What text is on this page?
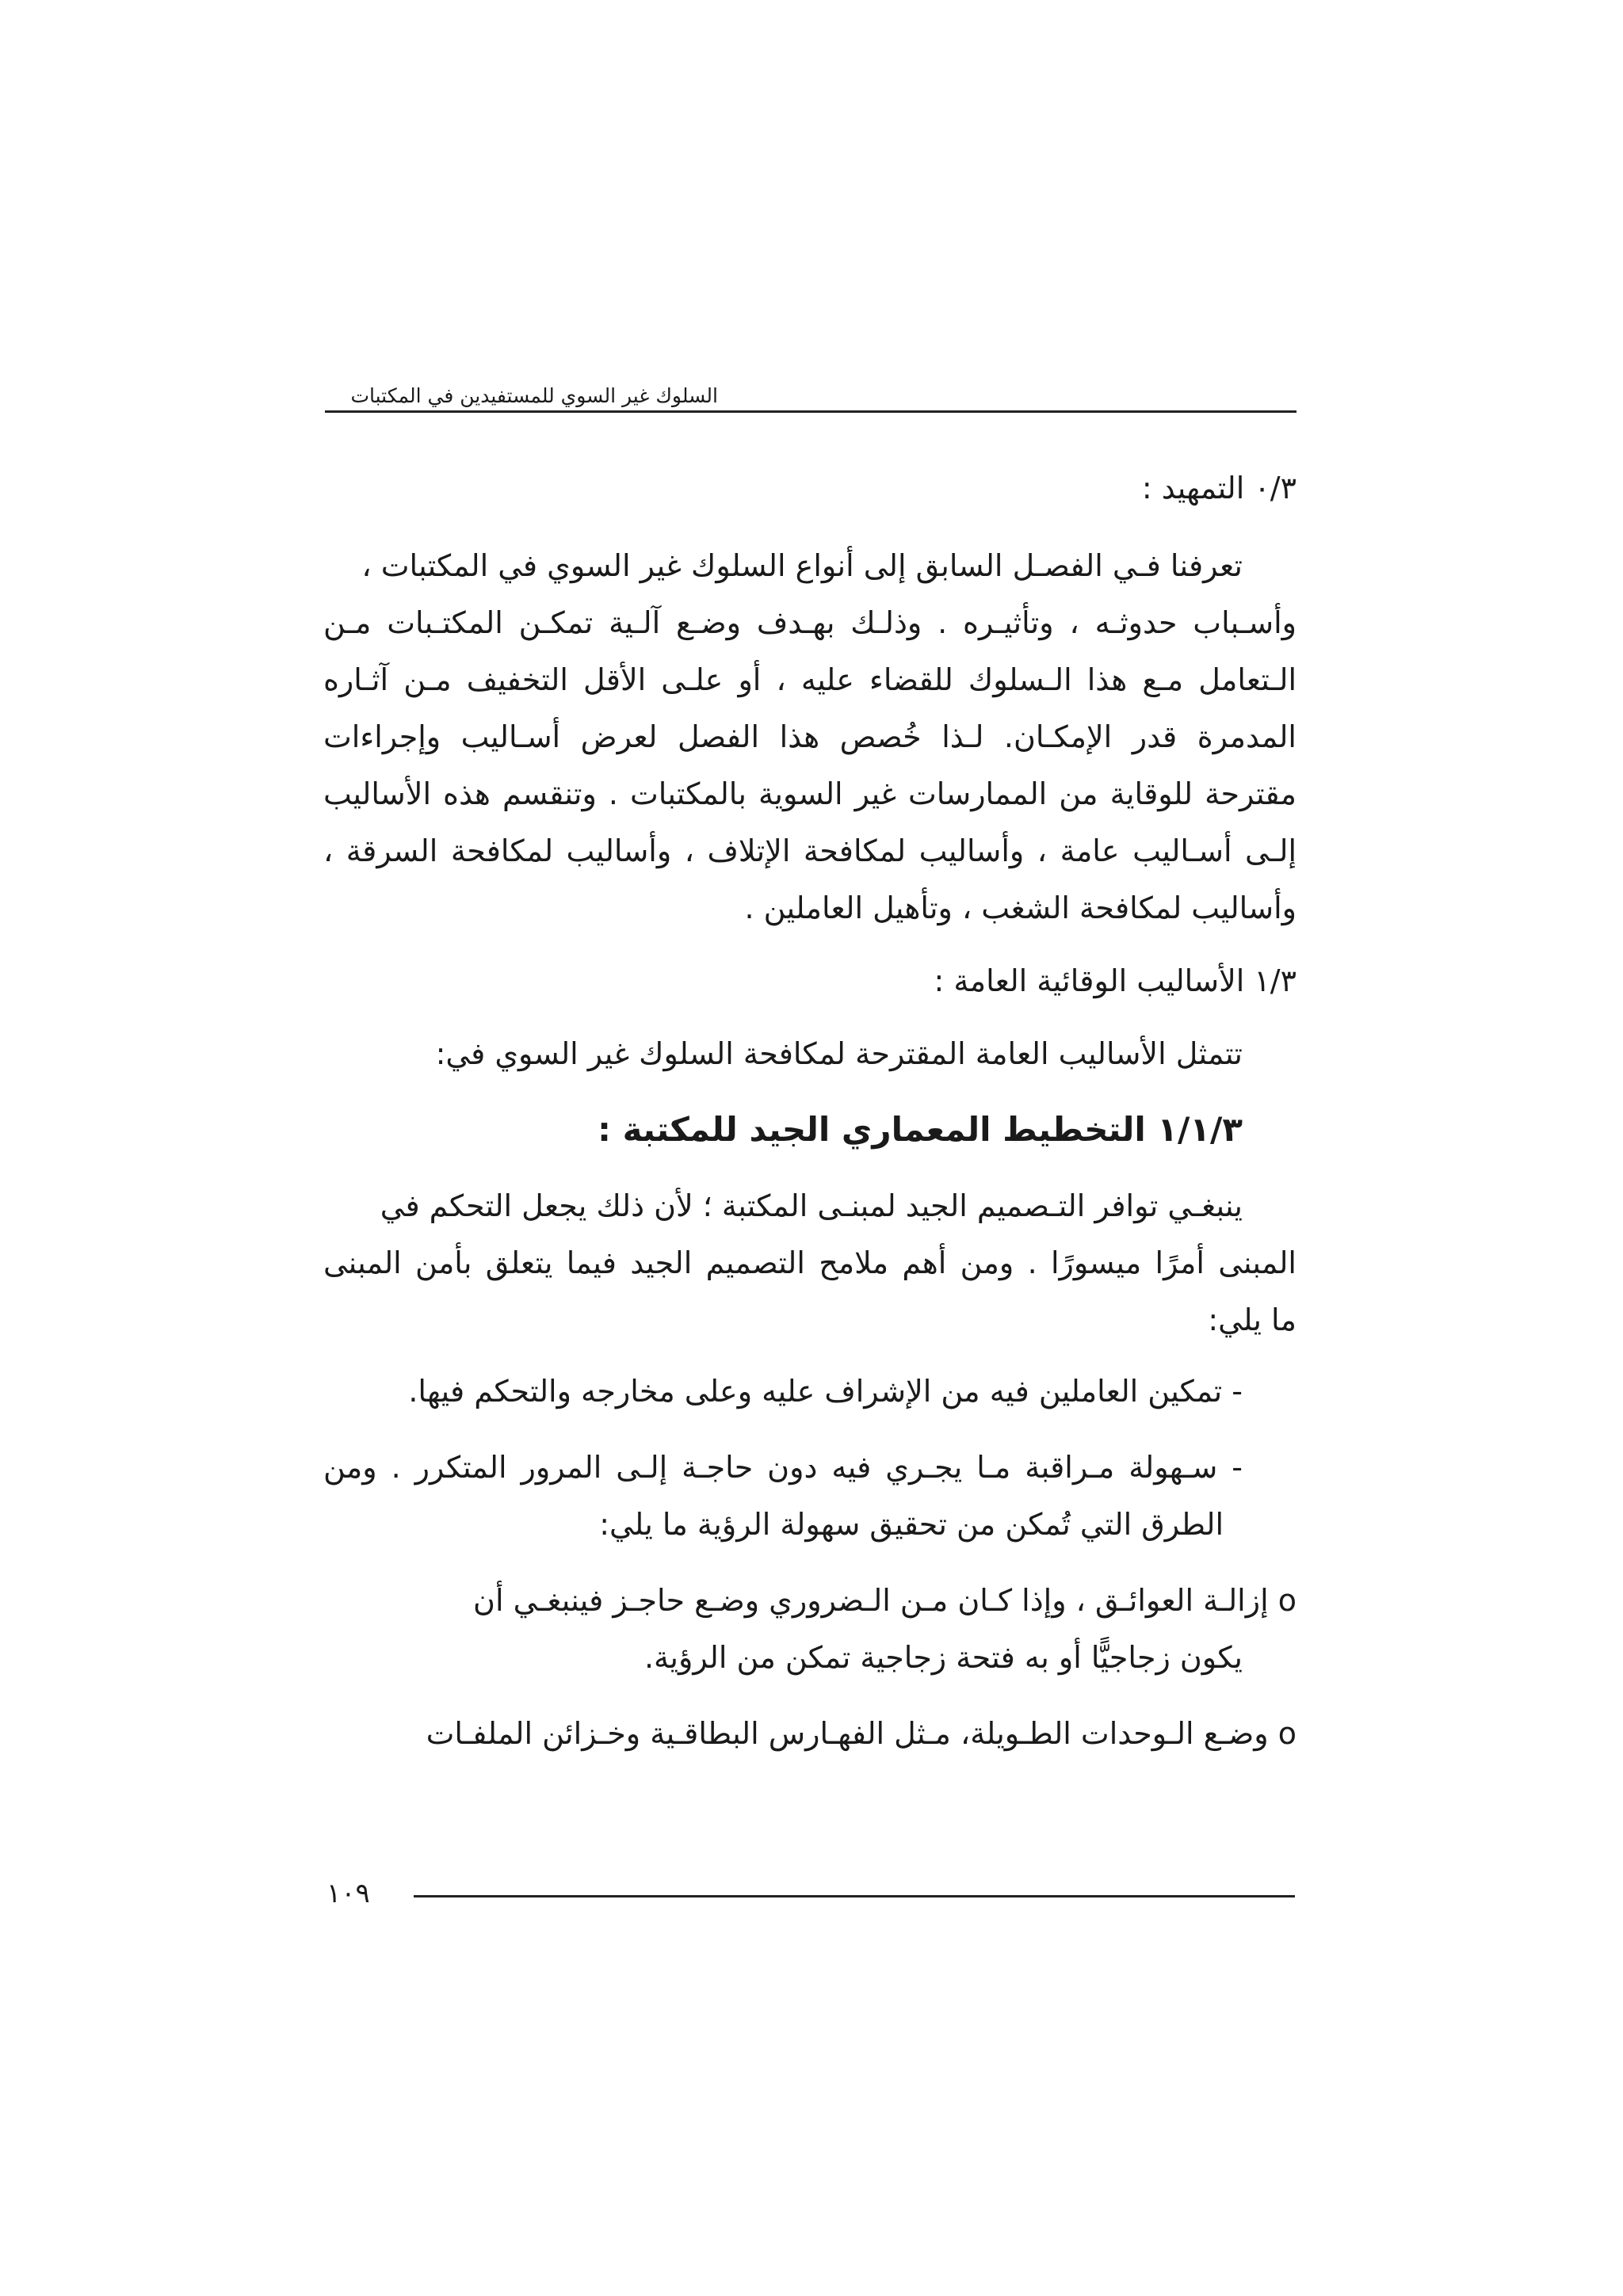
السلوك غير السوي للمستفيدين في المكتبات
۰/۳ التمهيد :
تعرفنا فـي الفصـل السابق إلى أنواع السلوك غير السوي في المكتبات ،
وأسـباب حدوثـه ، وتأثيـره . وذلـك بهـدف وضـع آلـية تمكـن المكتـبات مـن
الـتعامل مـع هذا الـسلوك للقضاء عليه ، أو علـى الأقل التخفيف مـن آثـاره
المدمرة قدر الإمكـان. لـذا خُصص هذا الفصل لعرض أسـاليب وإجراءات
مقترحة للوقاية من الممارسات غير السوية بالمكتبات . وتنقسم هذه الأساليب
إلـى أسـاليب عامة ، وأساليب لمكافحة الإتلاف ، وأساليب لمكافحة السرقة ،
وأساليب لمكافحة الشغب ، وتأهيل العاملين .
۱/۳ الأساليب الوقائية العامة :
تتمثل الأساليب العامة المقترحة لمكافحة السلوك غير السوي في:
۱/۱/۳ التخطيط المعماري الجيد للمكتبة :
ينبغـي توافر التـصميم الجيد لمبنـى المكتبة ؛ لأن ذلك يجعل التحكم في
المبنى أمرًا ميسورًا . ومن أهم ملامح التصميم الجيد فيما يتعلق بأمن المبنى
ما يلي:
- تمكين العاملين فيه من الإشراف عليه وعلى مخارجه والتحكم فيها.
- سـهولة مـراقبة مـا يجـري فيه دون حاجـة إلـى المرور المتكرر . ومن
الطرق التي تُمكن من تحقيق سهولة الرؤية ما يلي:
o إزالـة العوائـق ، وإذا كـان مـن الـضروري وضـع حاجـز فينبغـي أن
يكون زجاجيًّا أو به فتحة زجاجية تمكن من الرؤية.
o وضـع الـوحدات الطـويلة، مـثل الفهـارس البطاقـية وخـزائن الملفـات
١٠٩
